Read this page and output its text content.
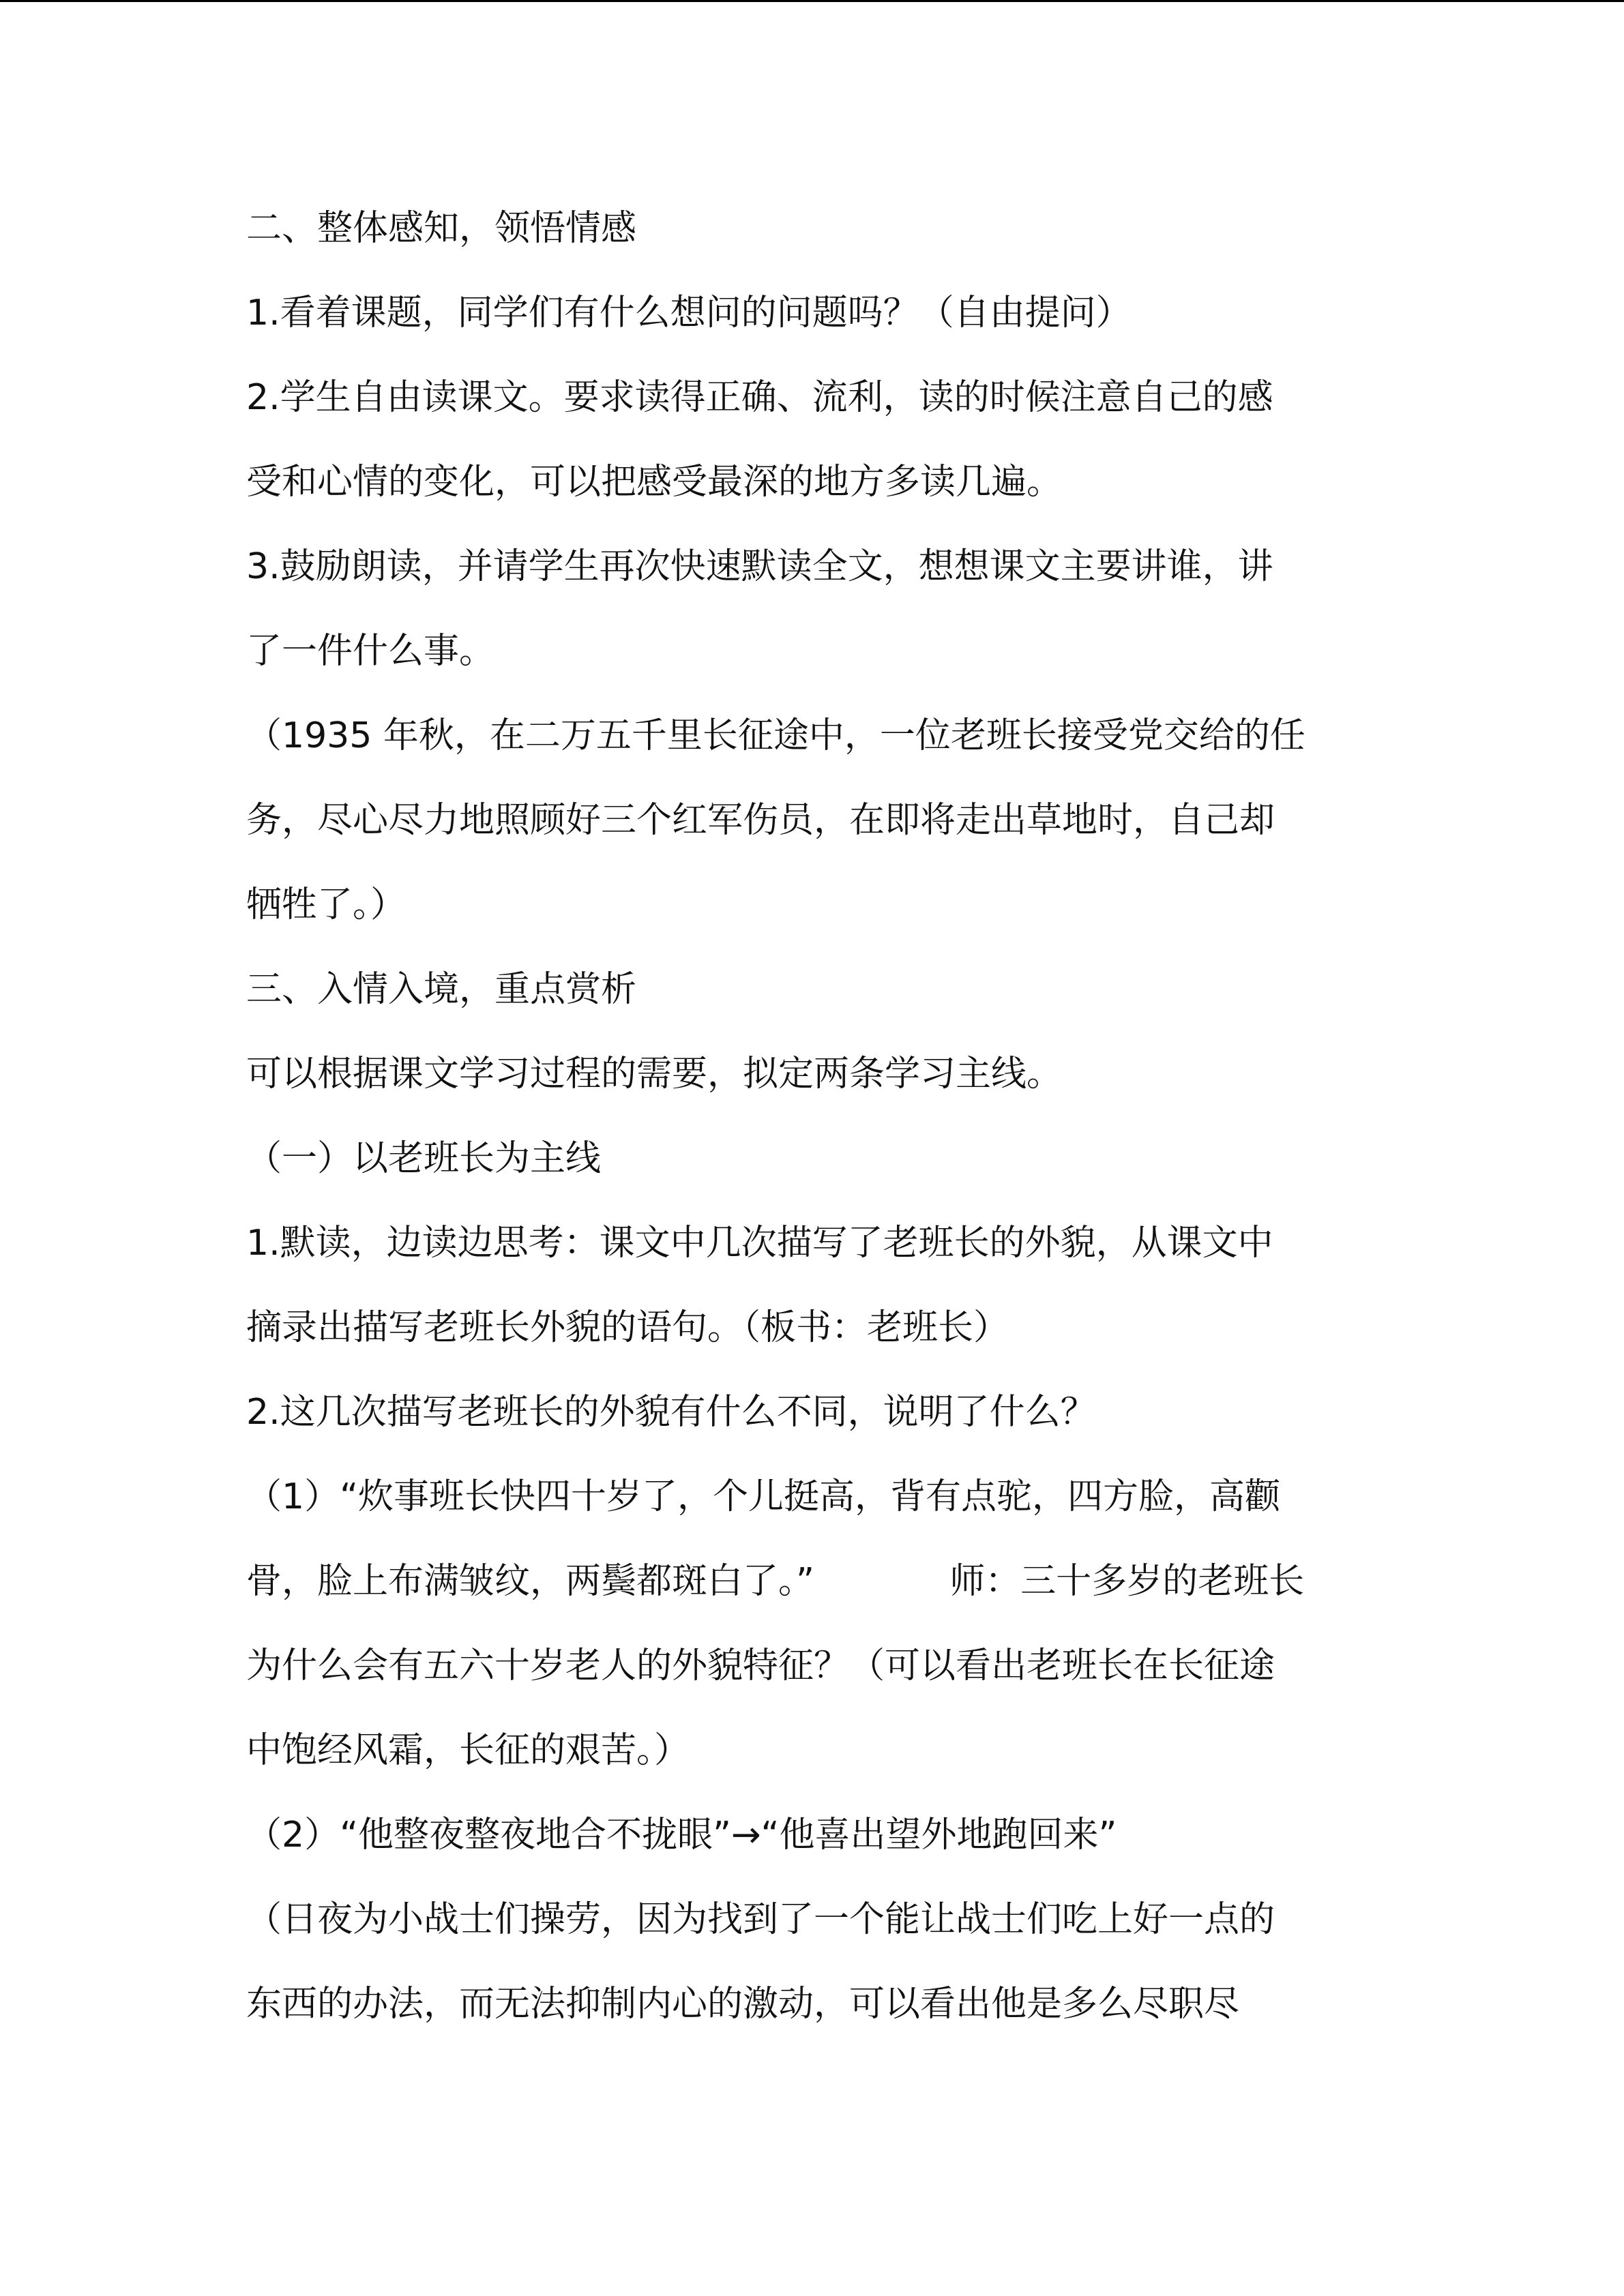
二、整体感知，领悟情感
1.看着课题，同学们有什么想问的问题吗？（自由提问）
2.学生自由读课文。要求读得正确、流利，读的时候注意自己的感
受和心情的变化，可以把感受最深的地方多读几遍。
3.鼓励朗读，并请学生再次快速默读全文，想想课文主要讲谁，讲
了一件什么事。
（1935 年秋，在二万五千里长征途中，一位老班长接受党交给的任
务，尽心尽力地照顾好三个红军伤员，在即将走出草地时，自己却
牺牲了。）
三、入情入境，重点赏析
可以根据课文学习过程的需要，拟定两条学习主线。
（一）以老班长为主线
1.默读，边读边思考：课文中几次描写了老班长的外貌，从课文中
摘录出描写老班长外貌的语句。（板书：老班长）
2.这几次描写老班长的外貌有什么不同，说明了什么？
（1）“炊事班长快四十岁了，个儿挺高，背有点驼，四方脸，高颧
骨，脸上布满皱纹，两鬓都斑白了。”            师：三十多岁的老班长
为什么会有五六十岁老人的外貌特征？（可以看出老班长在长征途
中饱经风霜，长征的艰苦。）
（2）“他整夜整夜地合不拢眼”→“他喜出望外地跑回来”
（日夜为小战士们操劳，因为找到了一个能让战士们吃上好一点的
东西的办法，而无法抑制内心的激动，可以看出他是多么尽职尽
